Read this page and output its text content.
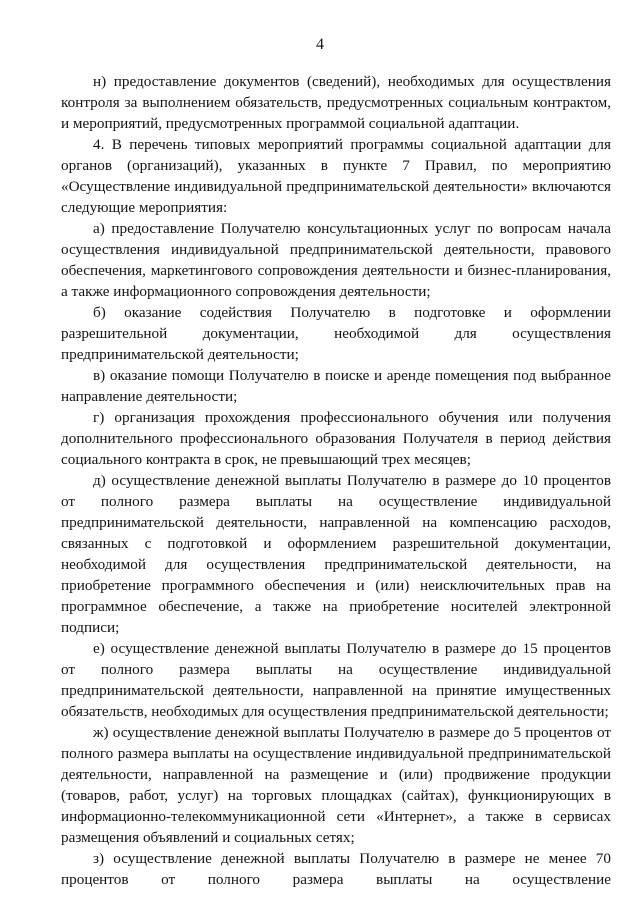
4

н) предоставление документов (сведений), необходимых для осуществления контроля за выполнением обязательств, предусмотренных социальным контрактом, и мероприятий, предусмотренных программой социальной адаптации.

4. В перечень типовых мероприятий программы социальной адаптации для органов (организаций), указанных в пункте 7 Правил, по мероприятию «Осуществление индивидуальной предпринимательской деятельности» включаются следующие мероприятия:

а) предоставление Получателю консультационных услуг по вопросам начала осуществления индивидуальной предпринимательской деятельности, правового обеспечения, маркетингового сопровождения деятельности и бизнес-планирования, а также информационного сопровождения деятельности;

б) оказание содействия Получателю в подготовке и оформлении разрешительной документации, необходимой для осуществления предпринимательской деятельности;

в) оказание помощи Получателю в поиске и аренде помещения под выбранное направление деятельности;

г) организация прохождения профессионального обучения или получения дополнительного профессионального образования Получателя в период действия социального контракта в срок, не превышающий трех месяцев;

д) осуществление денежной выплаты Получателю в размере до 10 процентов от полного размера выплаты на осуществление индивидуальной предпринимательской деятельности, направленной на компенсацию расходов, связанных с подготовкой и оформлением разрешительной документации, необходимой для осуществления предпринимательской деятельности, на приобретение программного обеспечения и (или) неисключительных прав на программное обеспечение, а также на приобретение носителей электронной подписи;

е) осуществление денежной выплаты Получателю в размере до 15 процентов от полного размера выплаты на осуществление индивидуальной предпринимательской деятельности, направленной на принятие имущественных обязательств, необходимых для осуществления предпринимательской деятельности;

ж) осуществление денежной выплаты Получателю в размере до 5 процентов от полного размера выплаты на осуществление индивидуальной предпринимательской деятельности, направленной на размещение и (или) продвижение продукции (товаров, работ, услуг) на торговых площадках (сайтах), функционирующих в информационно-телекоммуникационной сети «Интернет», а также в сервисах размещения объявлений и социальных сетях;

з) осуществление денежной выплаты Получателю в размере не менее 70 процентов от полного размера выплаты на осуществление
